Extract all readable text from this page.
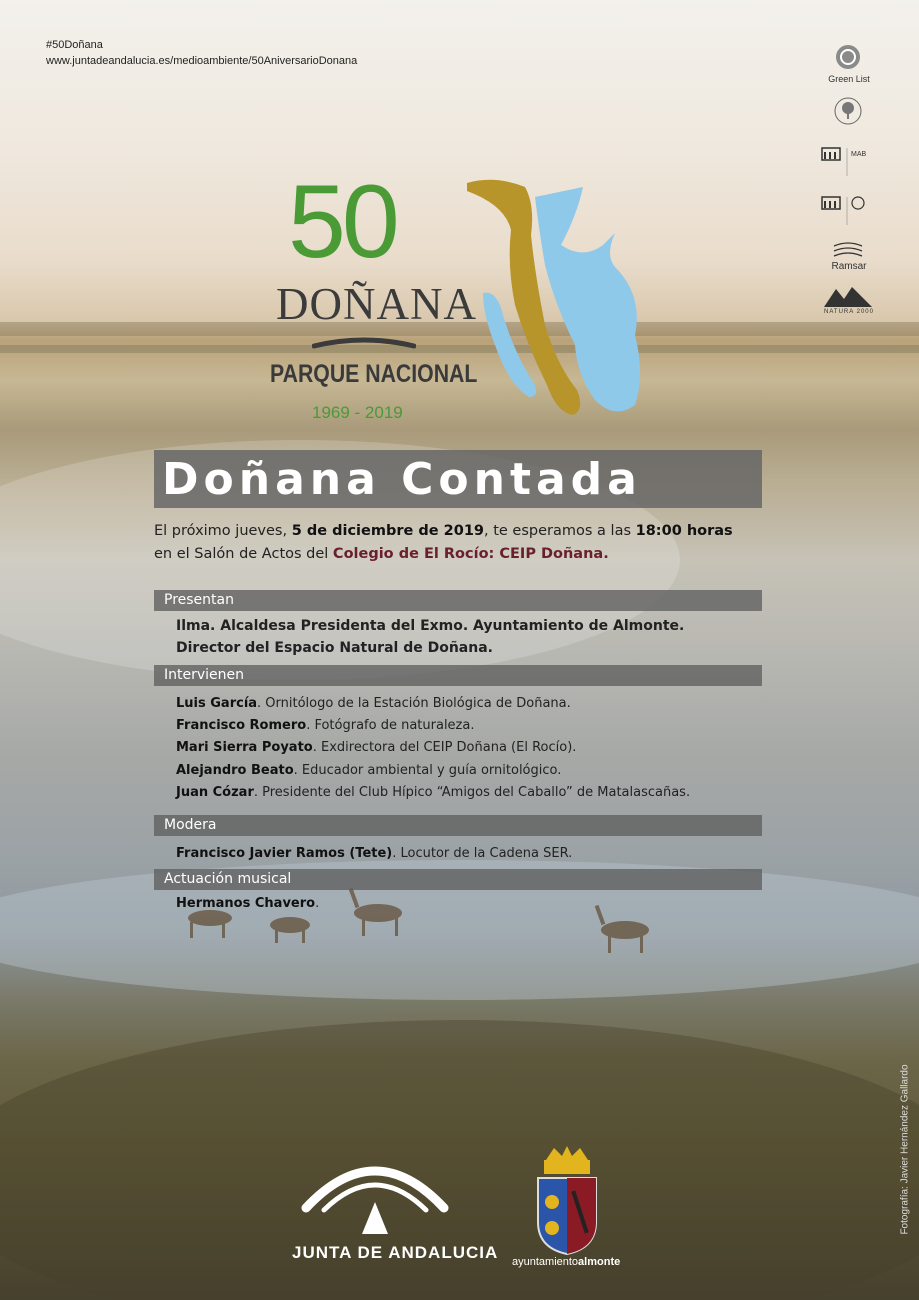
#50Doñana
www.juntadeandalucia.es/medioambiente/50AniversarioDonana
50
DOÑANA
PARQUE NACIONAL
1969 - 2019
Green List
MAB
Ramsar
NATURA 2000
Doñana Contada
El próximo jueves, 5 de diciembre de 2019, te esperamos a las 18:00 horas
en el Salón de Actos del Colegio de El Rocío: CEIP Doñana.
Presentan
Ilma. Alcaldesa Presidenta del Exmo. Ayuntamiento de Almonte.
Director del Espacio Natural de Doñana.
Intervienen
Luis García. Ornitólogo de la Estación Biológica de Doñana.
Francisco Romero. Fotógrafo de naturaleza.
Mari Sierra Poyato. Exdirectora del CEIP Doñana (El Rocío).
Alejandro Beato. Educador ambiental y guía ornitológico.
Juan Cózar. Presidente del Club Hípico “Amigos del Caballo” de Matalascañas.
Modera
Francisco Javier Ramos (Tete). Locutor de la Cadena SER.
Actuación musical
Hermanos Chavero.
JUNTA DE ANDALUCIA ayuntamientoalmonte
Fotografía: Javier Hernández Gallardo
